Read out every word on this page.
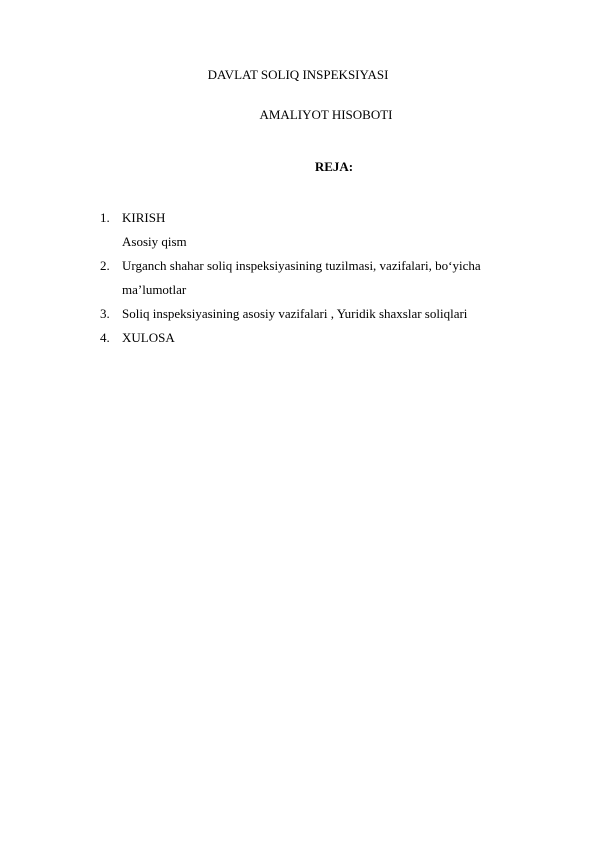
DAVLAT SOLIQ INSPEKSIYASI
AMALIYOT HISOBOTI
REJA:
1. KIRISH
Asosiy qism
2. Urganch shahar soliq inspeksiyasining tuzilmasi, vazifalari, bo‘yicha
ma’lumotlar
3. Soliq inspeksiyasining asosiy vazifalari , Yuridik shaxslar soliqlari
4. XULOSA
